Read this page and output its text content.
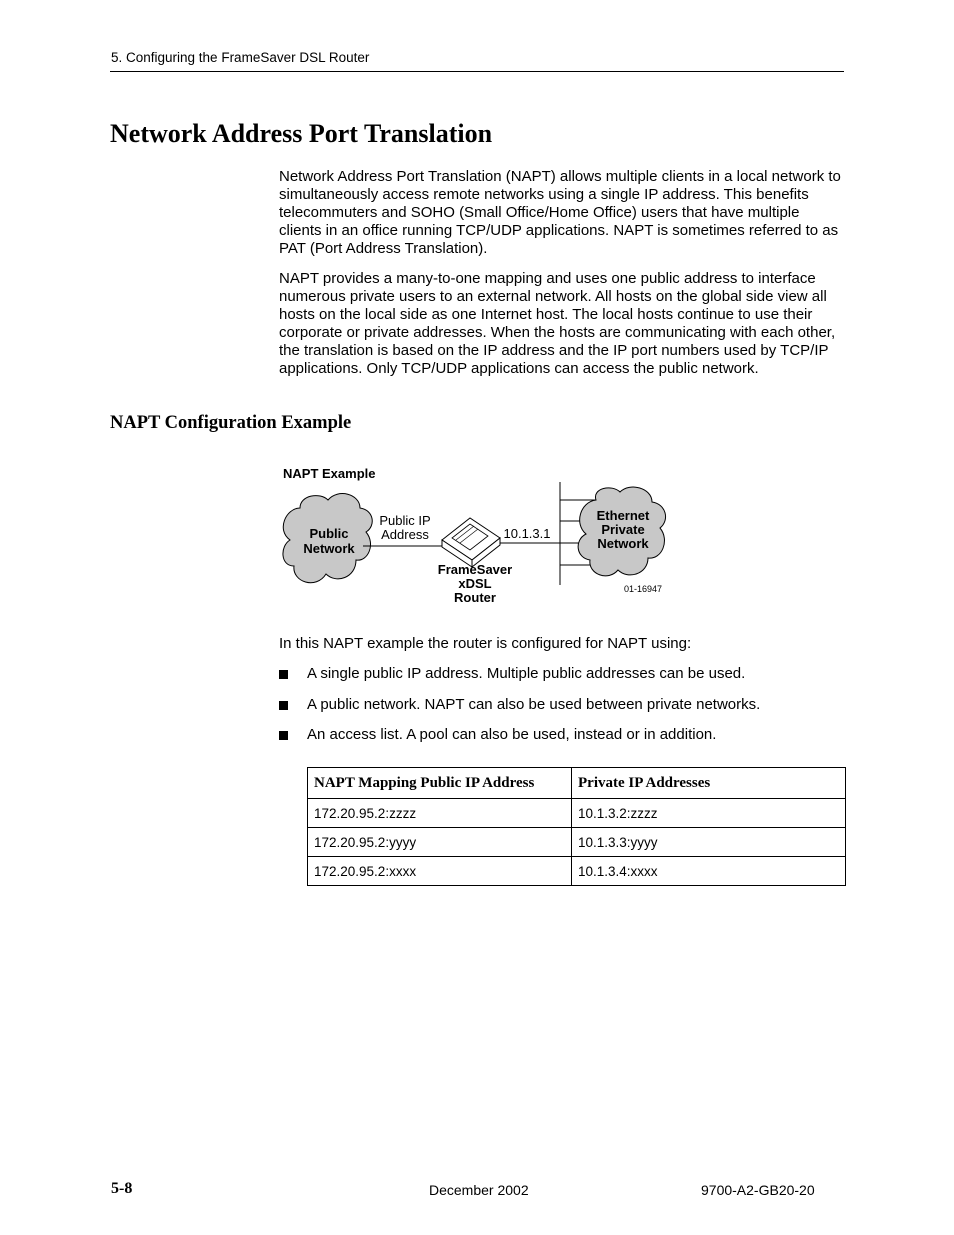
5. Configuring the FrameSaver DSL Router
Network Address Port Translation

Network Address Port Translation (NAPT) allows multiple clients in a local network to simultaneously access remote networks using a single IP address. This benefits telecommuters and SOHO (Small Office/Home Office) users that have multiple clients in an office running TCP/UDP applications. NAPT is sometimes referred to as PAT (Port Address Translation).

NAPT provides a many-to-one mapping and uses one public address to interface numerous private users to an external network. All hosts on the global side view all hosts on the local side as one Internet host. The local hosts continue to use their corporate or private addresses. When the hosts are communicating with each other, the translation is based on the IP address and the IP port numbers used by TCP/IP applications. Only TCP/UDP applications can access the public network.

NAPT Configuration Example
NAPT Example
Public
Network
Public IP
Address	10.1.3.1
FrameSaver
xDSL
Router
Ethernet
Private
Network
01-16947
In this NAPT example the router is configured for NAPT using:
A single public IP address. Multiple public addresses can be used.
A public network. NAPT can also be used between private networks.
An access list. A pool can also be used, instead or in addition.
NAPT Mapping Public IP Address	Private IP Addresses
172.20.95.2:zzzz	10.1.3.2:zzzz
172.20.95.2:yyyy	10.1.3.3:yyyy
172.20.95.2:xxxx	10.1.3.4:xxxx
5-8	December 2002	9700-A2-GB20-20
